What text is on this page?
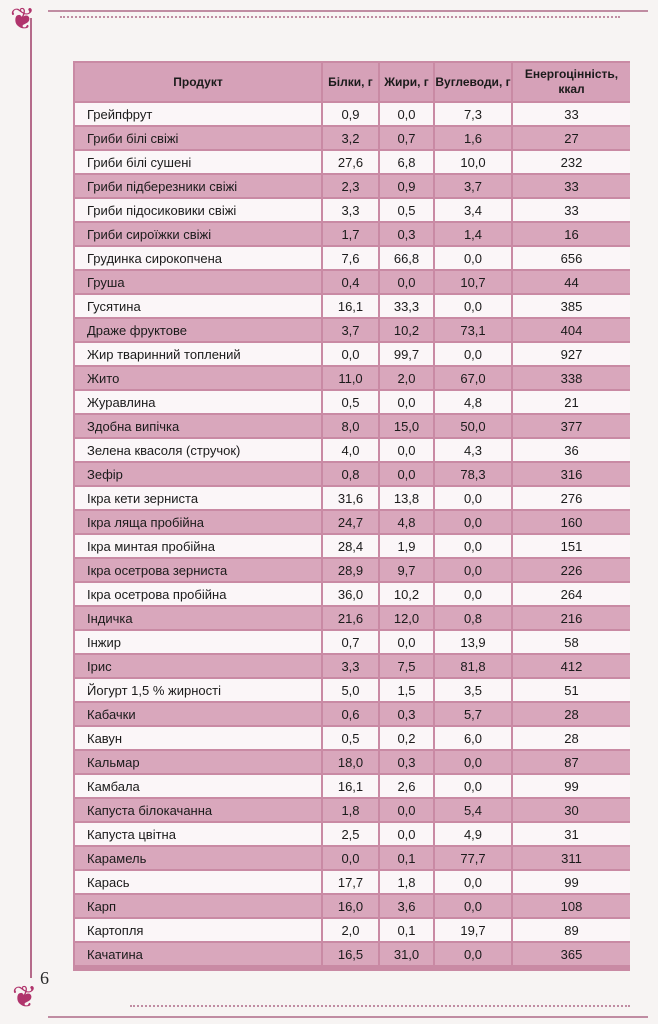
❦
❦
6
Продукт	Білки, г	Жири, г	Вуглеводи, г	Енергоцінність, ккал
Грейпфрут	0,9	0,0	7,3	33
Гриби білі свіжі	3,2	0,7	1,6	27
Гриби білі сушені	27,6	6,8	10,0	232
Гриби підберезники свіжі	2,3	0,9	3,7	33
Гриби підосиковики свіжі	3,3	0,5	3,4	33
Гриби сироїжки свіжі	1,7	0,3	1,4	16
Грудинка сирокопчена	7,6	66,8	0,0	656
Груша	0,4	0,0	10,7	44
Гусятина	16,1	33,3	0,0	385
Драже фруктове	3,7	10,2	73,1	404
Жир тваринний топлений	0,0	99,7	0,0	927
Жито	11,0	2,0	67,0	338
Журавлина	0,5	0,0	4,8	21
Здобна випічка	8,0	15,0	50,0	377
Зелена квасоля (стручок)	4,0	0,0	4,3	36
Зефір	0,8	0,0	78,3	316
Ікра кети зерниста	31,6	13,8	0,0	276
Ікра ляща пробійна	24,7	4,8	0,0	160
Ікра минтая пробійна	28,4	1,9	0,0	151
Ікра осетрова зерниста	28,9	9,7	0,0	226
Ікра осетрова пробійна	36,0	10,2	0,0	264
Індичка	21,6	12,0	0,8	216
Інжир	0,7	0,0	13,9	58
Ірис	3,3	7,5	81,8	412
Йогурт 1,5 % жирності	5,0	1,5	3,5	51
Кабачки	0,6	0,3	5,7	28
Кавун	0,5	0,2	6,0	28
Кальмар	18,0	0,3	0,0	87
Камбала	16,1	2,6	0,0	99
Капуста білокачанна	1,8	0,0	5,4	30
Капуста цвітна	2,5	0,0	4,9	31
Карамель	0,0	0,1	77,7	311
Карась	17,7	1,8	0,0	99
Карп	16,0	3,6	0,0	108
Картопля	2,0	0,1	19,7	89
Качатина	16,5	31,0	0,0	365
